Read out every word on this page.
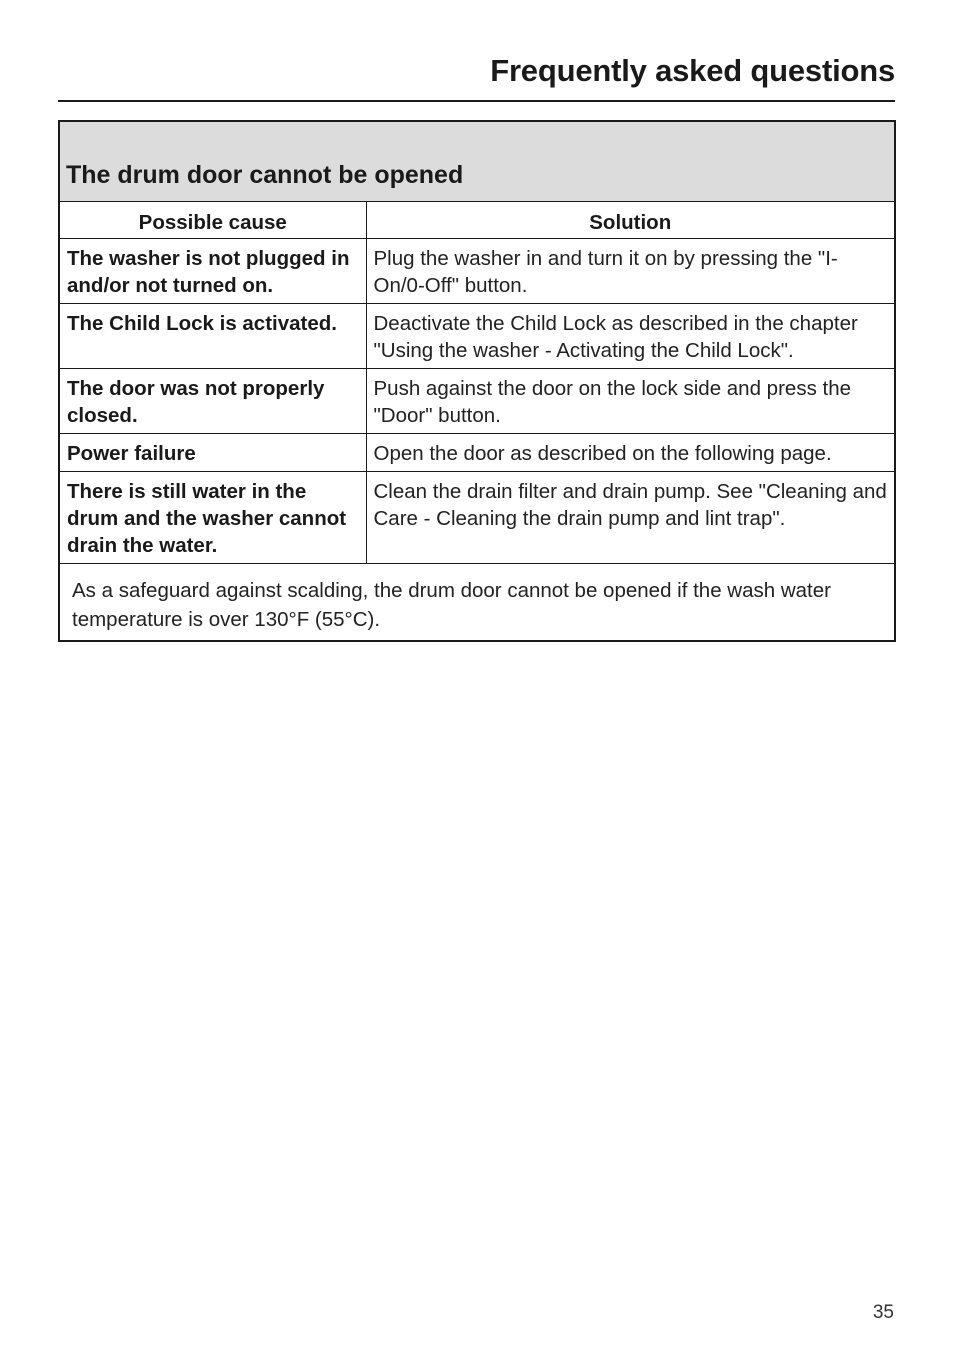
Frequently asked questions
The drum door cannot be opened
Possible cause	Solution
The washer is not plugged in and/or not turned on.	Plug the washer in and turn it on by pressing the "I-On/0-Off" button.
The Child Lock is activated.	Deactivate the Child Lock as described in the chapter "Using the washer - Activating the Child Lock".
The door was not properly closed.	Push against the door on the lock side and press the "Door" button.
Power failure	Open the door as described on the following page.
There is still water in the drum and the washer cannot drain the water.	Clean the drain filter and drain pump. See "Cleaning and Care - Cleaning the drain pump and lint trap".
As a safeguard against scalding, the drum door cannot be opened if the wash water temperature is over 130°F (55°C).
35
